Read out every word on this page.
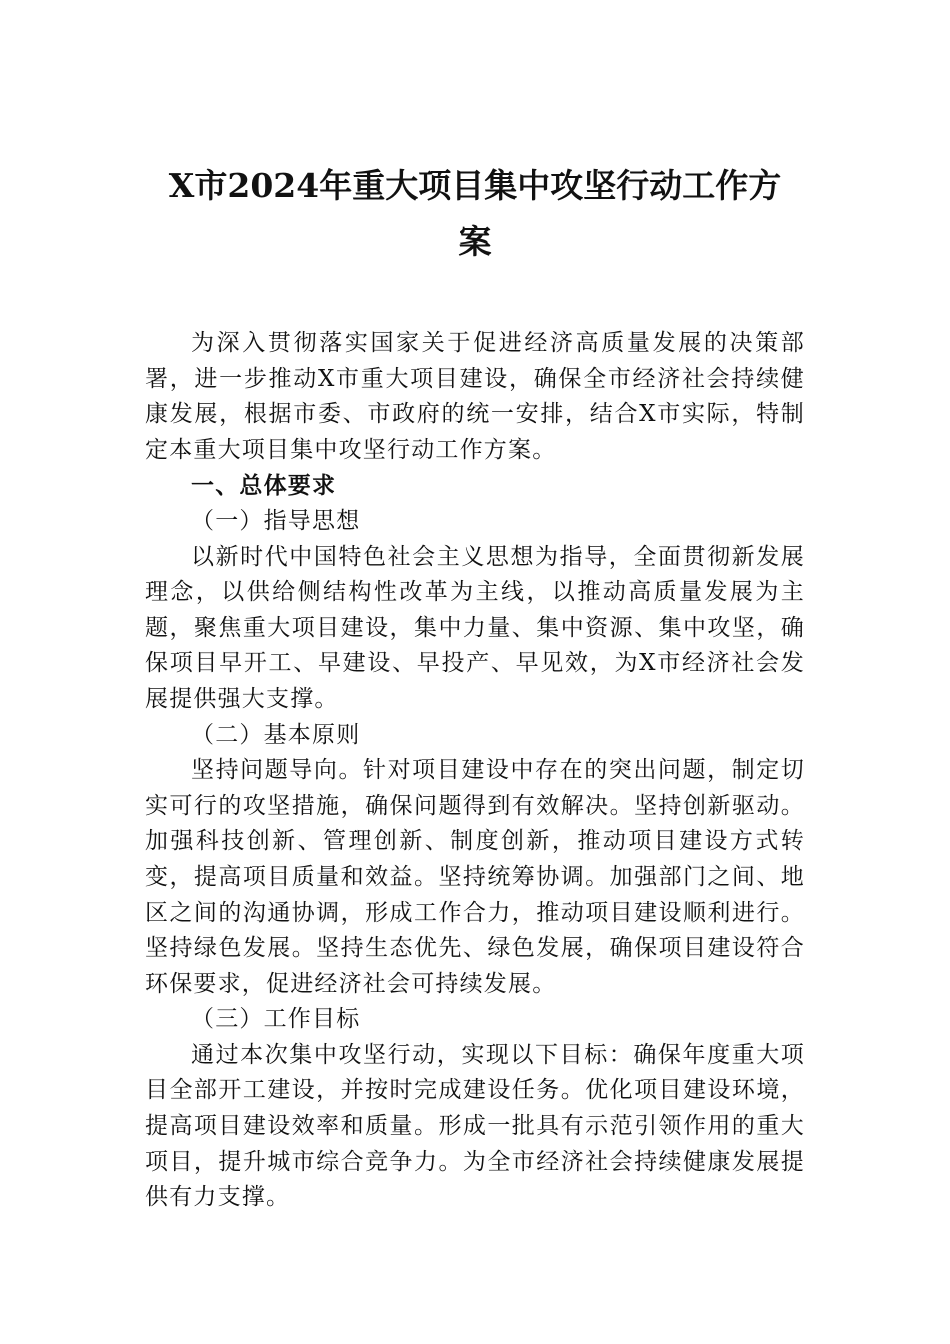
X市2024年重大项目集中攻坚行动工作方
案

为深入贯彻落实国家关于促进经济高质量发展的决策部署，进一步推动X市重大项目建设，确保全市经济社会持续健康发展，根据市委、市政府的统一安排，结合X市实际，特制定本重大项目集中攻坚行动工作方案。

一、总体要求

（一）指导思想

以新时代中国特色社会主义思想为指导，全面贯彻新发展理念，以供给侧结构性改革为主线，以推动高质量发展为主题，聚焦重大项目建设，集中力量、集中资源、集中攻坚，确保项目早开工、早建设、早投产、早见效，为X市经济社会发展提供强大支撑。

（二）基本原则

坚持问题导向。针对项目建设中存在的突出问题，制定切实可行的攻坚措施，确保问题得到有效解决。坚持创新驱动。加强科技创新、管理创新、制度创新，推动项目建设方式转变，提高项目质量和效益。坚持统筹协调。加强部门之间、地区之间的沟通协调，形成工作合力，推动项目建设顺利进行。坚持绿色发展。坚持生态优先、绿色发展，确保项目建设符合环保要求，促进经济社会可持续发展。

（三）工作目标

通过本次集中攻坚行动，实现以下目标：确保年度重大项目全部开工建设，并按时完成建设任务。优化项目建设环境，提高项目建设效率和质量。形成一批具有示范引领作用的重大项目，提升城市综合竞争力。为全市经济社会持续健康发展提供有力支撑。
